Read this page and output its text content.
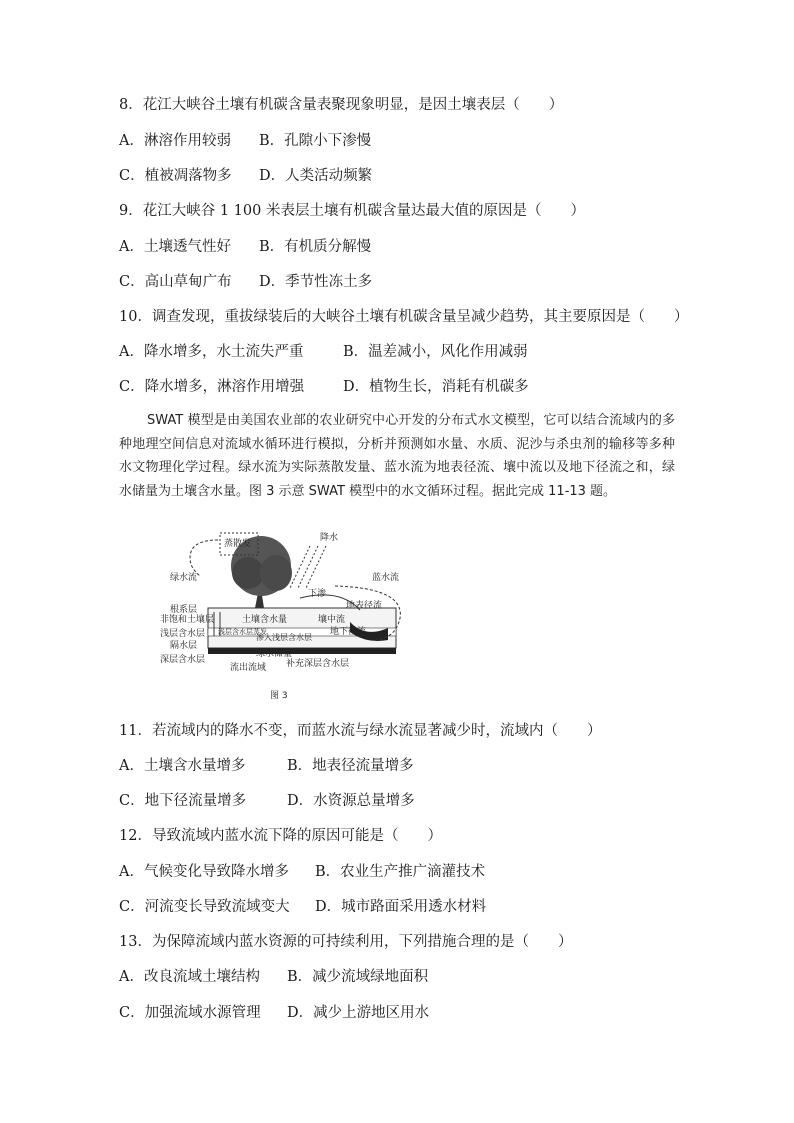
8．花江大峡谷土壤有机碳含量表聚现象明显，是因土壤表层（　　）
A．淋溶作用较弱 B．孔隙小下渗慢
C．植被凋落物多 D．人类活动频繁
9．花江大峡谷 1 100 米表层土壤有机碳含量达最大值的原因是（　　）
A．土壤透气性好 B．有机质分解慢
C．高山草甸广布 D．季节性冻土多
10．调查发现，重拔绿装后的大峡谷土壤有机碳含量呈减少趋势，其主要原因是（　　）
A．降水增多，水土流失严重	B．温差减小，风化作用减弱
C．降水增多，淋溶作用增强	D．植物生长，消耗有机碳多
SWAT 模型是由美国农业部的农业研究中心开发的分布式水文模型，它可以结合流域内的多种地理空间信息对流域水循环进行模拟，分析并预测如水量、水质、泥沙与杀虫剂的输移等多种水文物理化学过程。绿水流为实际蒸散发量、蓝水流为地表径流、壤中流以及地下径流之和，绿水储量为土壤含水量。图 3 示意 SWAT 模型中的水文循环过程。据此完成 11-13 题。
蒸散发
绿水流
降水
蓝水流
下渗
地表径流
根系层
非饱和土壤层
浅层含水层
隔水层
深层含水层
土壤含水量	壤中流
地下径流
浅层含水层蒸发
渗入浅层含水层
绿水储量
补充深层含水层
流出流域
图 3
11．若流域内的降水不变，而蓝水流与绿水流显著减少时，流域内（　　）
A．土壤含水量增多	B．地表径流量增多
C．地下径流量增多	D．水资源总量增多
12．导致流域内蓝水流下降的原因可能是（　　）
A．气候变化导致降水增多 B．农业生产推广滴灌技术
C．河流变长导致流域变大 D．城市路面采用透水材料
13．为保障流域内蓝水资源的可持续利用，下列措施合理的是（　　）
A．改良流域土壤结构 B．减少流域绿地面积
C．加强流域水源管理 D．减少上游地区用水
